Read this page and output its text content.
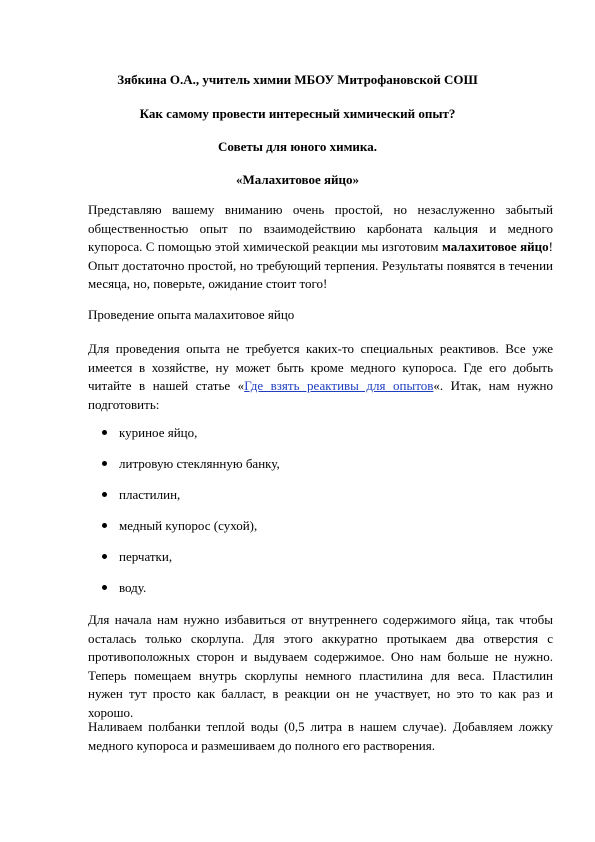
Зябкина О.А., учитель химии МБОУ Митрофановской СОШ
Как самому провести интересный химический опыт?
Советы для юного химика.
«Малахитовое яйцо»

Представляю вашему вниманию очень простой, но незаслуженно забытый общественностью опыт по взаимодействию карбоната кальция и медного купороса. С помощью этой химической реакции мы изготовим малахитовое яйцо! Опыт достаточно простой, но требующий терпения. Результаты появятся в течении месяца, но, поверьте, ожидание стоит того!

Проведение опыта малахитовое яйцо

Для проведения опыта не требуется каких-то специальных реактивов. Все уже имеется в хозяйстве, ну может быть кроме медного купороса. Где его добыть читайте в нашей статье «Где взять реактивы для опытов«. Итак, нам нужно подготовить:

куриное яйцо,
литровую стеклянную банку,
пластилин,
медный купорос (сухой),
перчатки,
воду.

Для начала нам нужно избавиться от внутреннего содержимого яйца, так чтобы осталась только скорлупа. Для этого аккуратно протыкаем два отверстия с противоположных сторон и выдуваем содержимое. Оно нам больше не нужно. Теперь помещаем внутрь скорлупы немного пластилина для веса. Пластилин нужен тут просто как балласт, в реакции он не участвует, но это то как раз и хорошо.

Наливаем полбанки теплой воды (0,5 литра в нашем случае). Добавляем ложку медного купороса и размешиваем до полного его растворения.
